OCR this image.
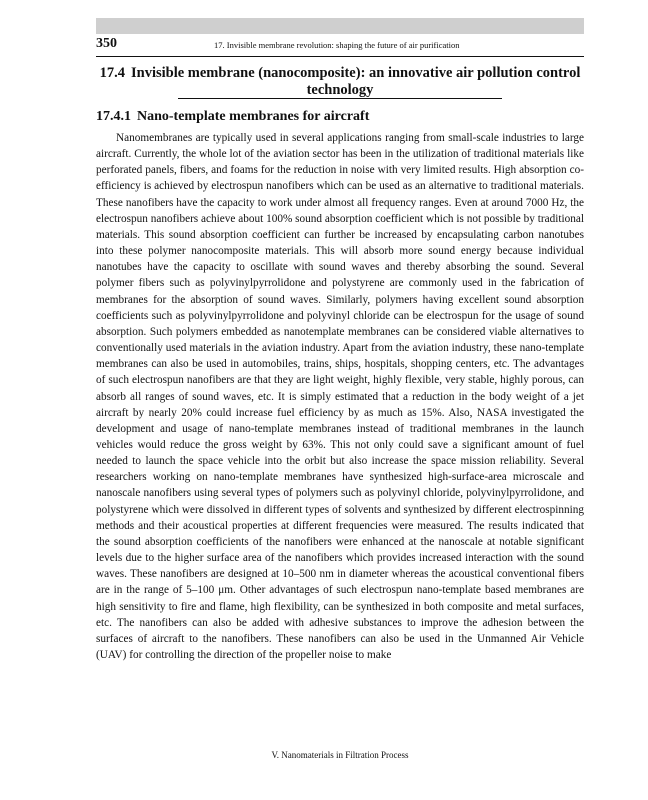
350	17. Invisible membrane revolution: shaping the future of air purification
17.4 Invisible membrane (nanocomposite): an innovative air pollution control technology
17.4.1 Nano-template membranes for aircraft

Nanomembranes are typically used in several applications ranging from small-scale industries to large aircraft. Currently, the whole lot of the aviation sector has been in the utilization of traditional materials like perforated panels, fibers, and foams for the reduction in noise with very limited results. High absorption co-efficiency is achieved by electrospun nanofibers which can be used as an alternative to traditional materials. These nanofibers have the capacity to work under almost all frequency ranges. Even at around 7000 Hz, the electrospun nanofibers achieve about 100% sound absorption coefficient which is not possible by traditional materials. This sound absorption coefficient can further be increased by encapsulating carbon nanotubes into these polymer nanocomposite materials. This will absorb more sound energy because individual nanotubes have the capacity to oscillate with sound waves and thereby absorbing the sound. Several polymer fibers such as polyvinylpyrrolidone and polystyrene are commonly used in the fabrication of membranes for the absorption of sound waves. Similarly, polymers having excellent sound absorption coefficients such as polyvinylpyrrolidone and polyvinyl chloride can be electrospun for the usage of sound absorption. Such polymers embedded as nanotemplate membranes can be considered viable alternatives to conventionally used materials in the aviation industry. Apart from the aviation industry, these nano-template membranes can also be used in automobiles, trains, ships, hospitals, shopping centers, etc. The advantages of such electrospun nanofibers are that they are light weight, highly flexible, very stable, highly porous, can absorb all ranges of sound waves, etc. It is simply estimated that a reduction in the body weight of a jet aircraft by nearly 20% could increase fuel efficiency by as much as 15%. Also, NASA investigated the development and usage of nano-template membranes instead of traditional membranes in the launch vehicles would reduce the gross weight by 63%. This not only could save a significant amount of fuel needed to launch the space vehicle into the orbit but also increase the space mission reliability. Several researchers working on nano-template membranes have synthesized high-surface-area microscale and nanoscale nanofibers using several types of polymers such as polyvinyl chloride, polyvinylpyrrolidone, and polystyrene which were dissolved in different types of solvents and synthesized by different electrospinning methods and their acoustical properties at different frequencies were measured. The results indicated that the sound absorption coefficients of the nanofibers were enhanced at the nanoscale at notable significant levels due to the higher surface area of the nanofibers which provides increased interaction with the sound waves. These nanofibers are designed at 10–500 nm in diameter whereas the acoustical conventional fibers are in the range of 5–100 μm. Other advantages of such electrospun nano-template based membranes are high sensitivity to fire and flame, high flexibility, can be synthesized in both composite and metal surfaces, etc. The nanofibers can also be added with adhesive substances to improve the adhesion between the surfaces of aircraft to the nanofibers. These nanofibers can also be used in the Unmanned Air Vehicle (UAV) for controlling the direction of the propeller noise to make

V. Nanomaterials in Filtration Process
